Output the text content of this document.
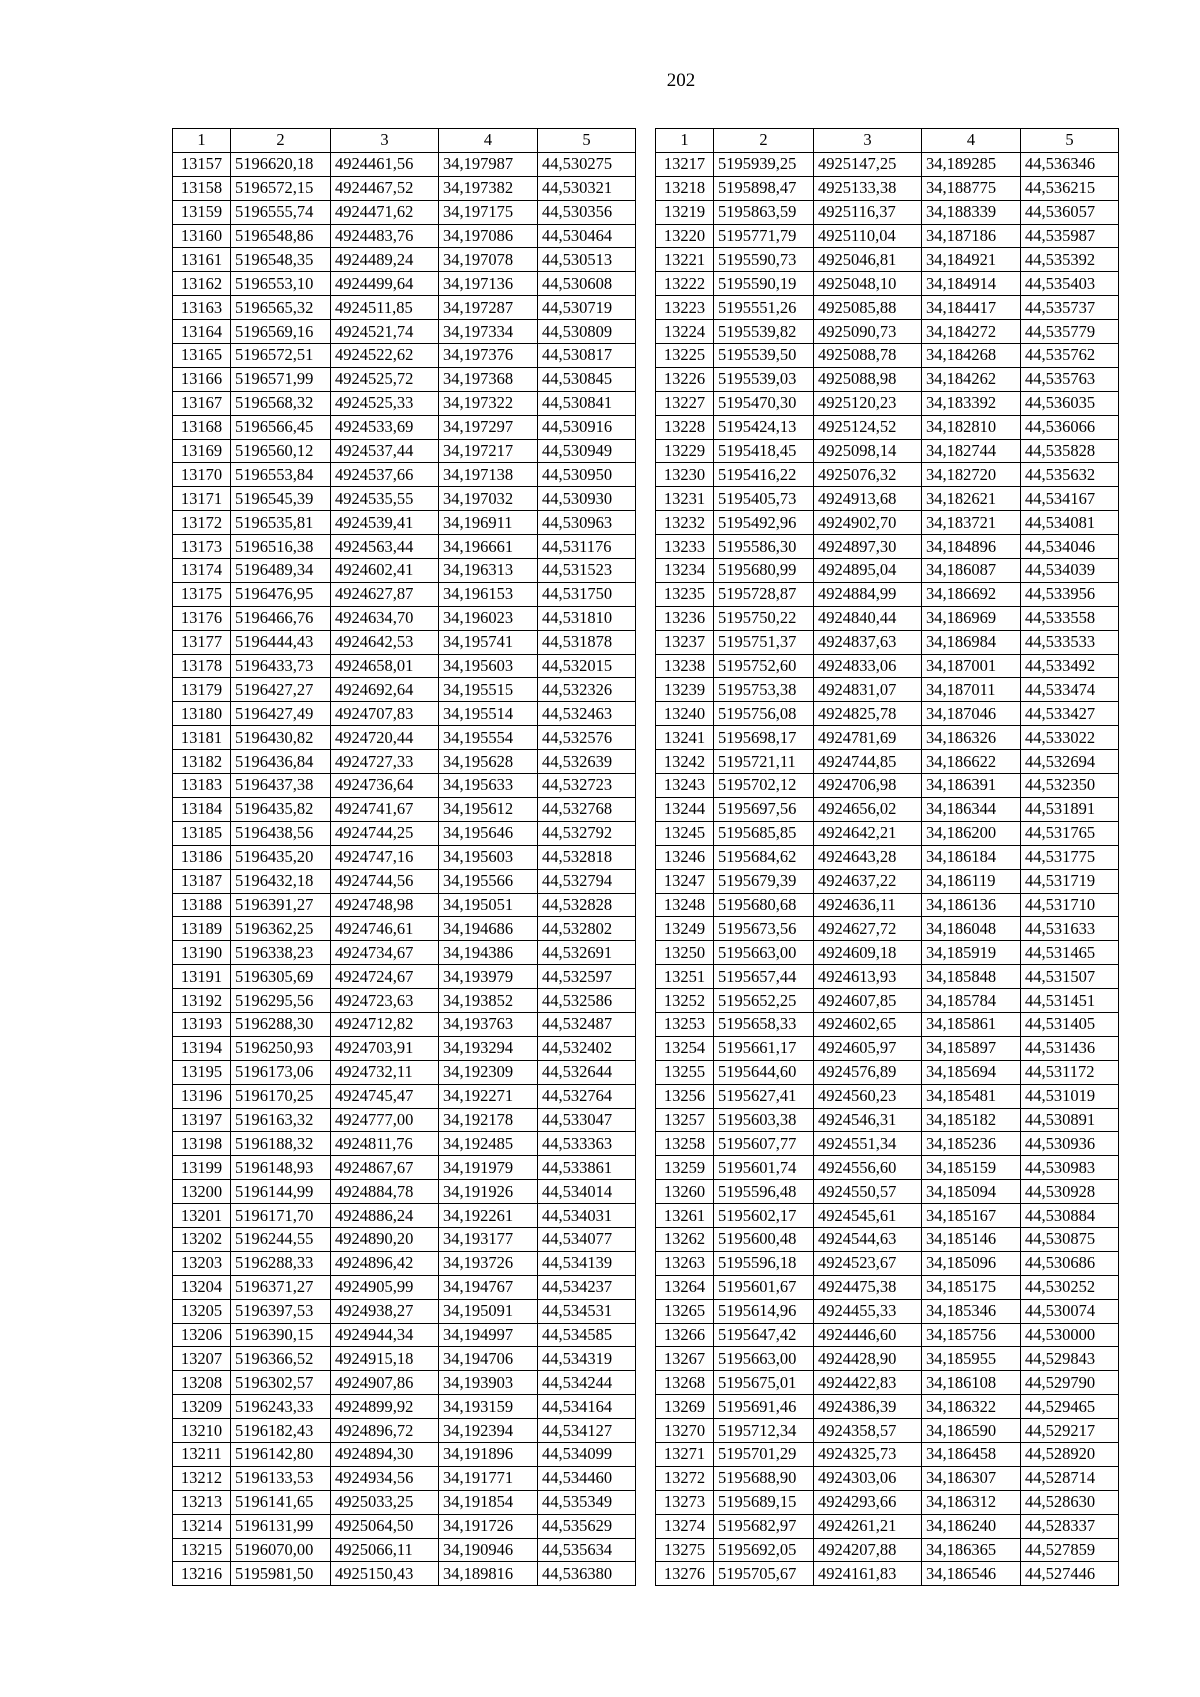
202
1	2	3	4	5
13157	5196620,18	4924461,56	34,197987	44,530275
13158	5196572,15	4924467,52	34,197382	44,530321
13159	5196555,74	4924471,62	34,197175	44,530356
13160	5196548,86	4924483,76	34,197086	44,530464
13161	5196548,35	4924489,24	34,197078	44,530513
13162	5196553,10	4924499,64	34,197136	44,530608
13163	5196565,32	4924511,85	34,197287	44,530719
13164	5196569,16	4924521,74	34,197334	44,530809
13165	5196572,51	4924522,62	34,197376	44,530817
13166	5196571,99	4924525,72	34,197368	44,530845
13167	5196568,32	4924525,33	34,197322	44,530841
13168	5196566,45	4924533,69	34,197297	44,530916
13169	5196560,12	4924537,44	34,197217	44,530949
13170	5196553,84	4924537,66	34,197138	44,530950
13171	5196545,39	4924535,55	34,197032	44,530930
13172	5196535,81	4924539,41	34,196911	44,530963
13173	5196516,38	4924563,44	34,196661	44,531176
13174	5196489,34	4924602,41	34,196313	44,531523
13175	5196476,95	4924627,87	34,196153	44,531750
13176	5196466,76	4924634,70	34,196023	44,531810
13177	5196444,43	4924642,53	34,195741	44,531878
13178	5196433,73	4924658,01	34,195603	44,532015
13179	5196427,27	4924692,64	34,195515	44,532326
13180	5196427,49	4924707,83	34,195514	44,532463
13181	5196430,82	4924720,44	34,195554	44,532576
13182	5196436,84	4924727,33	34,195628	44,532639
13183	5196437,38	4924736,64	34,195633	44,532723
13184	5196435,82	4924741,67	34,195612	44,532768
13185	5196438,56	4924744,25	34,195646	44,532792
13186	5196435,20	4924747,16	34,195603	44,532818
13187	5196432,18	4924744,56	34,195566	44,532794
13188	5196391,27	4924748,98	34,195051	44,532828
13189	5196362,25	4924746,61	34,194686	44,532802
13190	5196338,23	4924734,67	34,194386	44,532691
13191	5196305,69	4924724,67	34,193979	44,532597
13192	5196295,56	4924723,63	34,193852	44,532586
13193	5196288,30	4924712,82	34,193763	44,532487
13194	5196250,93	4924703,91	34,193294	44,532402
13195	5196173,06	4924732,11	34,192309	44,532644
13196	5196170,25	4924745,47	34,192271	44,532764
13197	5196163,32	4924777,00	34,192178	44,533047
13198	5196188,32	4924811,76	34,192485	44,533363
13199	5196148,93	4924867,67	34,191979	44,533861
13200	5196144,99	4924884,78	34,191926	44,534014
13201	5196171,70	4924886,24	34,192261	44,534031
13202	5196244,55	4924890,20	34,193177	44,534077
13203	5196288,33	4924896,42	34,193726	44,534139
13204	5196371,27	4924905,99	34,194767	44,534237
13205	5196397,53	4924938,27	34,195091	44,534531
13206	5196390,15	4924944,34	34,194997	44,534585
13207	5196366,52	4924915,18	34,194706	44,534319
13208	5196302,57	4924907,86	34,193903	44,534244
13209	5196243,33	4924899,92	34,193159	44,534164
13210	5196182,43	4924896,72	34,192394	44,534127
13211	5196142,80	4924894,30	34,191896	44,534099
13212	5196133,53	4924934,56	34,191771	44,534460
13213	5196141,65	4925033,25	34,191854	44,535349
13214	5196131,99	4925064,50	34,191726	44,535629
13215	5196070,00	4925066,11	34,190946	44,535634
13216	5195981,50	4925150,43	34,189816	44,536380
1	2	3	4	5
13217	5195939,25	4925147,25	34,189285	44,536346
13218	5195898,47	4925133,38	34,188775	44,536215
13219	5195863,59	4925116,37	34,188339	44,536057
13220	5195771,79	4925110,04	34,187186	44,535987
13221	5195590,73	4925046,81	34,184921	44,535392
13222	5195590,19	4925048,10	34,184914	44,535403
13223	5195551,26	4925085,88	34,184417	44,535737
13224	5195539,82	4925090,73	34,184272	44,535779
13225	5195539,50	4925088,78	34,184268	44,535762
13226	5195539,03	4925088,98	34,184262	44,535763
13227	5195470,30	4925120,23	34,183392	44,536035
13228	5195424,13	4925124,52	34,182810	44,536066
13229	5195418,45	4925098,14	34,182744	44,535828
13230	5195416,22	4925076,32	34,182720	44,535632
13231	5195405,73	4924913,68	34,182621	44,534167
13232	5195492,96	4924902,70	34,183721	44,534081
13233	5195586,30	4924897,30	34,184896	44,534046
13234	5195680,99	4924895,04	34,186087	44,534039
13235	5195728,87	4924884,99	34,186692	44,533956
13236	5195750,22	4924840,44	34,186969	44,533558
13237	5195751,37	4924837,63	34,186984	44,533533
13238	5195752,60	4924833,06	34,187001	44,533492
13239	5195753,38	4924831,07	34,187011	44,533474
13240	5195756,08	4924825,78	34,187046	44,533427
13241	5195698,17	4924781,69	34,186326	44,533022
13242	5195721,11	4924744,85	34,186622	44,532694
13243	5195702,12	4924706,98	34,186391	44,532350
13244	5195697,56	4924656,02	34,186344	44,531891
13245	5195685,85	4924642,21	34,186200	44,531765
13246	5195684,62	4924643,28	34,186184	44,531775
13247	5195679,39	4924637,22	34,186119	44,531719
13248	5195680,68	4924636,11	34,186136	44,531710
13249	5195673,56	4924627,72	34,186048	44,531633
13250	5195663,00	4924609,18	34,185919	44,531465
13251	5195657,44	4924613,93	34,185848	44,531507
13252	5195652,25	4924607,85	34,185784	44,531451
13253	5195658,33	4924602,65	34,185861	44,531405
13254	5195661,17	4924605,97	34,185897	44,531436
13255	5195644,60	4924576,89	34,185694	44,531172
13256	5195627,41	4924560,23	34,185481	44,531019
13257	5195603,38	4924546,31	34,185182	44,530891
13258	5195607,77	4924551,34	34,185236	44,530936
13259	5195601,74	4924556,60	34,185159	44,530983
13260	5195596,48	4924550,57	34,185094	44,530928
13261	5195602,17	4924545,61	34,185167	44,530884
13262	5195600,48	4924544,63	34,185146	44,530875
13263	5195596,18	4924523,67	34,185096	44,530686
13264	5195601,67	4924475,38	34,185175	44,530252
13265	5195614,96	4924455,33	34,185346	44,530074
13266	5195647,42	4924446,60	34,185756	44,530000
13267	5195663,00	4924428,90	34,185955	44,529843
13268	5195675,01	4924422,83	34,186108	44,529790
13269	5195691,46	4924386,39	34,186322	44,529465
13270	5195712,34	4924358,57	34,186590	44,529217
13271	5195701,29	4924325,73	34,186458	44,528920
13272	5195688,90	4924303,06	34,186307	44,528714
13273	5195689,15	4924293,66	34,186312	44,528630
13274	5195682,97	4924261,21	34,186240	44,528337
13275	5195692,05	4924207,88	34,186365	44,527859
13276	5195705,67	4924161,83	34,186546	44,527446
